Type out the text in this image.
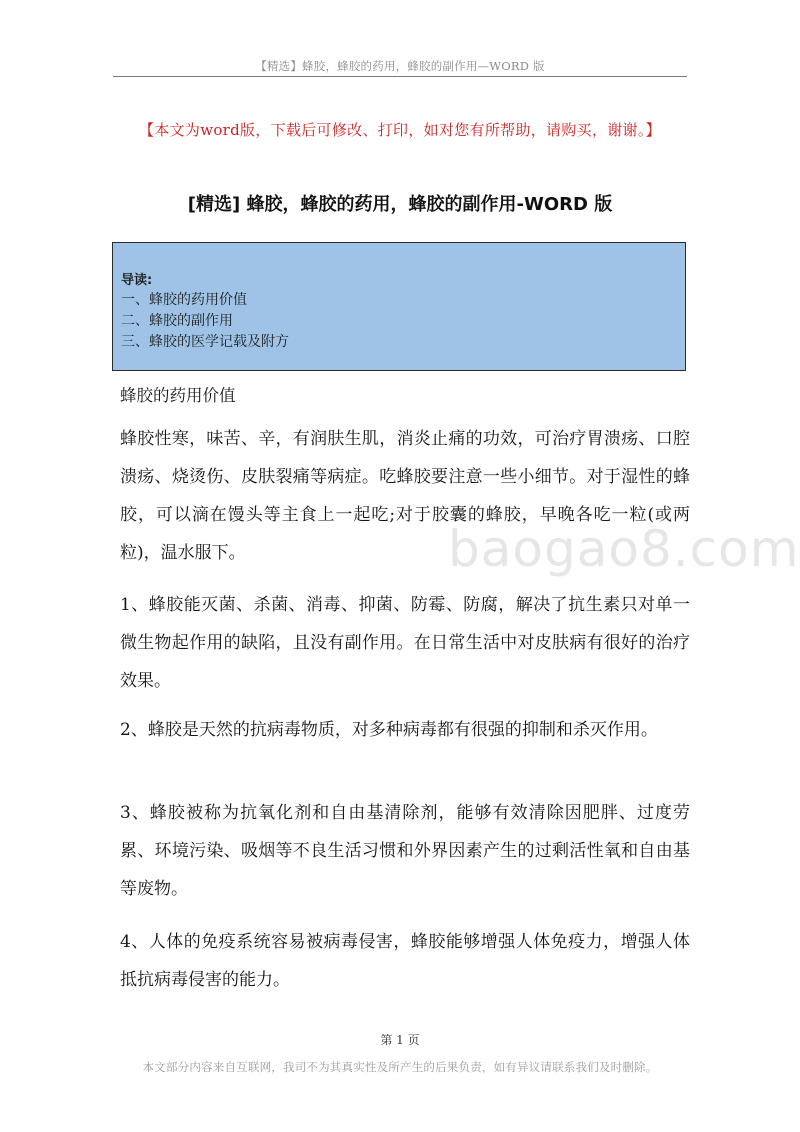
【精选】蜂胶，蜂胶的药用，蜂胶的副作用—WORD 版
【本文为word版，下载后可修改、打印，如对您有所帮助，请购买，谢谢。】
[精选] 蜂胶，蜂胶的药用，蜂胶的副作用-WORD 版
导读:
一、蜂胶的药用价值
二、蜂胶的副作用
三、蜂胶的医学记载及附方
蜂胶的药用价值
蜂胶性寒，味苦、辛，有润肤生肌，消炎止痛的功效，可治疗胃溃疡、口腔溃疡、烧烫伤、皮肤裂痛等病症。吃蜂胶要注意一些小细节。对于湿性的蜂胶，可以滴在馒头等主食上一起吃;对于胶囊的蜂胶，早晚各吃一粒(或两粒)，温水服下。
1、蜂胶能灭菌、杀菌、消毒、抑菌、防霉、防腐，解决了抗生素只对单一微生物起作用的缺陷，且没有副作用。在日常生活中对皮肤病有很好的治疗效果。
2、蜂胶是天然的抗病毒物质，对多种病毒都有很强的抑制和杀灭作用。
3、蜂胶被称为抗氧化剂和自由基清除剂，能够有效清除因肥胖、过度劳累、环境污染、吸烟等不良生活习惯和外界因素产生的过剩活性氧和自由基等废物。
4、人体的免疫系统容易被病毒侵害，蜂胶能够增强人体免疫力，增强人体抵抗病毒侵害的能力。
baogao8.com
第 1 页
本文部分内容来自互联网，我司不为其真实性及所产生的后果负责，如有异议请联系我们及时删除。
